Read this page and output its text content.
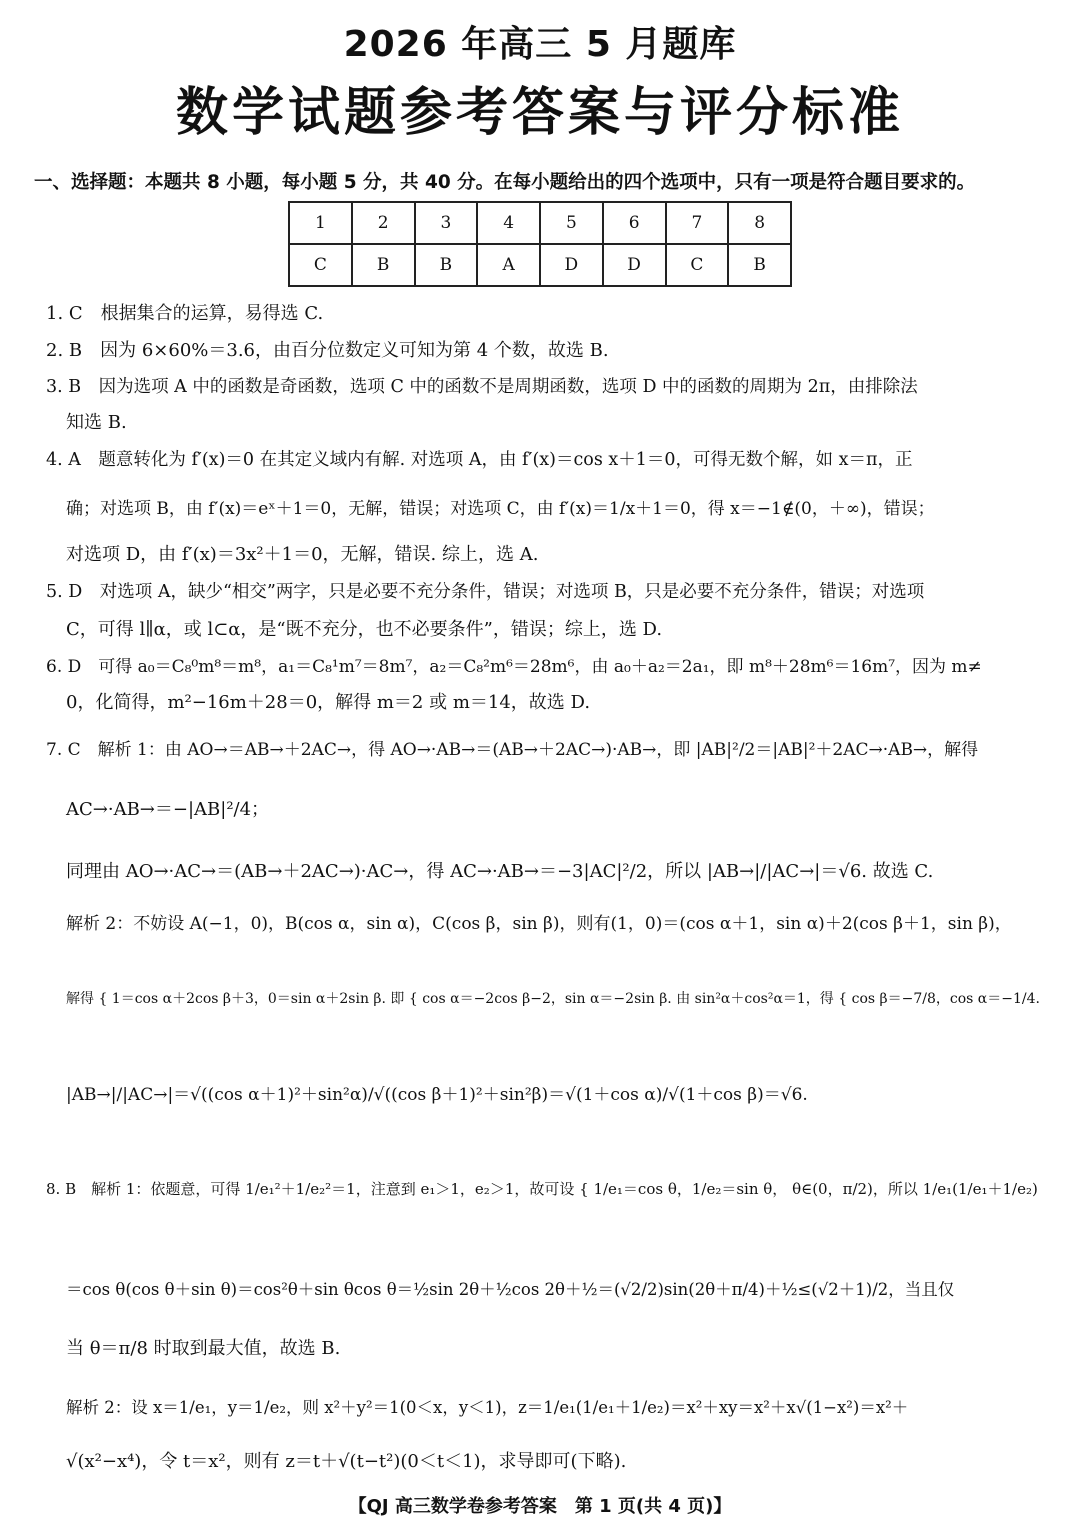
2026 年高三 5 月题库
数学试题参考答案与评分标准
一、选择题：本题共 8 小题，每小题 5 分，共 40 分。在每小题给出的四个选项中，只有一项是符合题目要求的。
1	2	3	4	5	6	7	8
C	B	B	A	D	D	C	B
1. C　根据集合的运算，易得选 C.
2. B　因为 6×60%＝3.6，由百分位数定义可知为第 4 个数，故选 B.
3. B　因为选项 A 中的函数是奇函数，选项 C 中的函数不是周期函数，选项 D 中的函数的周期为 2π，由排除法
知选 B.
4. A　题意转化为 f′(x)＝0 在其定义域内有解. 对选项 A，由 f′(x)＝cos x＋1＝0，可得无数个解，如 x＝π，正
确；对选项 B，由 f′(x)＝eˣ＋1＝0，无解，错误；对选项 C，由 f′(x)＝1/x＋1＝0，得 x＝−1∉(0，＋∞)，错误；
对选项 D，由 f′(x)＝3x²＋1＝0，无解，错误. 综上，选 A.
5. D　对选项 A，缺少“相交”两字，只是必要不充分条件，错误；对选项 B，只是必要不充分条件，错误；对选项
C，可得 l∥α，或 l⊂α，是“既不充分，也不必要条件”，错误；综上，选 D.
6. D　可得 a₀＝C₈⁰m⁸＝m⁸，a₁＝C₈¹m⁷＝8m⁷，a₂＝C₈²m⁶＝28m⁶，由 a₀＋a₂＝2a₁，即 m⁸＋28m⁶＝16m⁷，因为 m≠
0，化简得，m²−16m＋28＝0，解得 m＝2 或 m＝14，故选 D.
7. C　解析 1：由 AO→＝AB→＋2AC→，得 AO→·AB→＝(AB→＋2AC→)·AB→，即 |AB|²/2＝|AB|²＋2AC→·AB→，解得
AC→·AB→＝−|AB|²/4；
同理由 AO→·AC→＝(AB→＋2AC→)·AC→，得 AC→·AB→＝−3|AC|²/2，所以 |AB→|/|AC→|＝√6. 故选 C.
解析 2：不妨设 A(−1，0)，B(cos α，sin α)，C(cos β，sin β)，则有(1，0)＝(cos α＋1，sin α)＋2(cos β＋1，sin β)，
解得 { 1＝cos α＋2cos β＋3，0＝sin α＋2sin β. 即 { cos α＝−2cos β−2，sin α＝−2sin β. 由 sin²α＋cos²α＝1，得 { cos β＝−7/8，cos α＝−1/4.
|AB→|/|AC→|＝√((cos α＋1)²＋sin²α)/√((cos β＋1)²＋sin²β)＝√(1＋cos α)/√(1＋cos β)＝√6.
8. B　解析 1：依题意，可得 1/e₁²＋1/e₂²＝1，注意到 e₁＞1，e₂＞1，故可设 { 1/e₁＝cos θ，1/e₂＝sin θ， θ∈(0，π/2)，所以 1/e₁(1/e₁＋1/e₂)
＝cos θ(cos θ＋sin θ)＝cos²θ＋sin θcos θ＝½sin 2θ＋½cos 2θ＋½＝(√2/2)sin(2θ＋π/4)＋½≤(√2＋1)/2，当且仅
当 θ＝π/8 时取到最大值，故选 B.
解析 2：设 x＝1/e₁，y＝1/e₂，则 x²＋y²＝1(0＜x，y＜1)，z＝1/e₁(1/e₁＋1/e₂)＝x²＋xy＝x²＋x√(1−x²)＝x²＋
√(x²−x⁴)，令 t＝x²，则有 z＝t＋√(t−t²)(0＜t＜1)，求导即可(下略).
【QJ 高三数学卷参考答案　第 1 页(共 4 页)】
